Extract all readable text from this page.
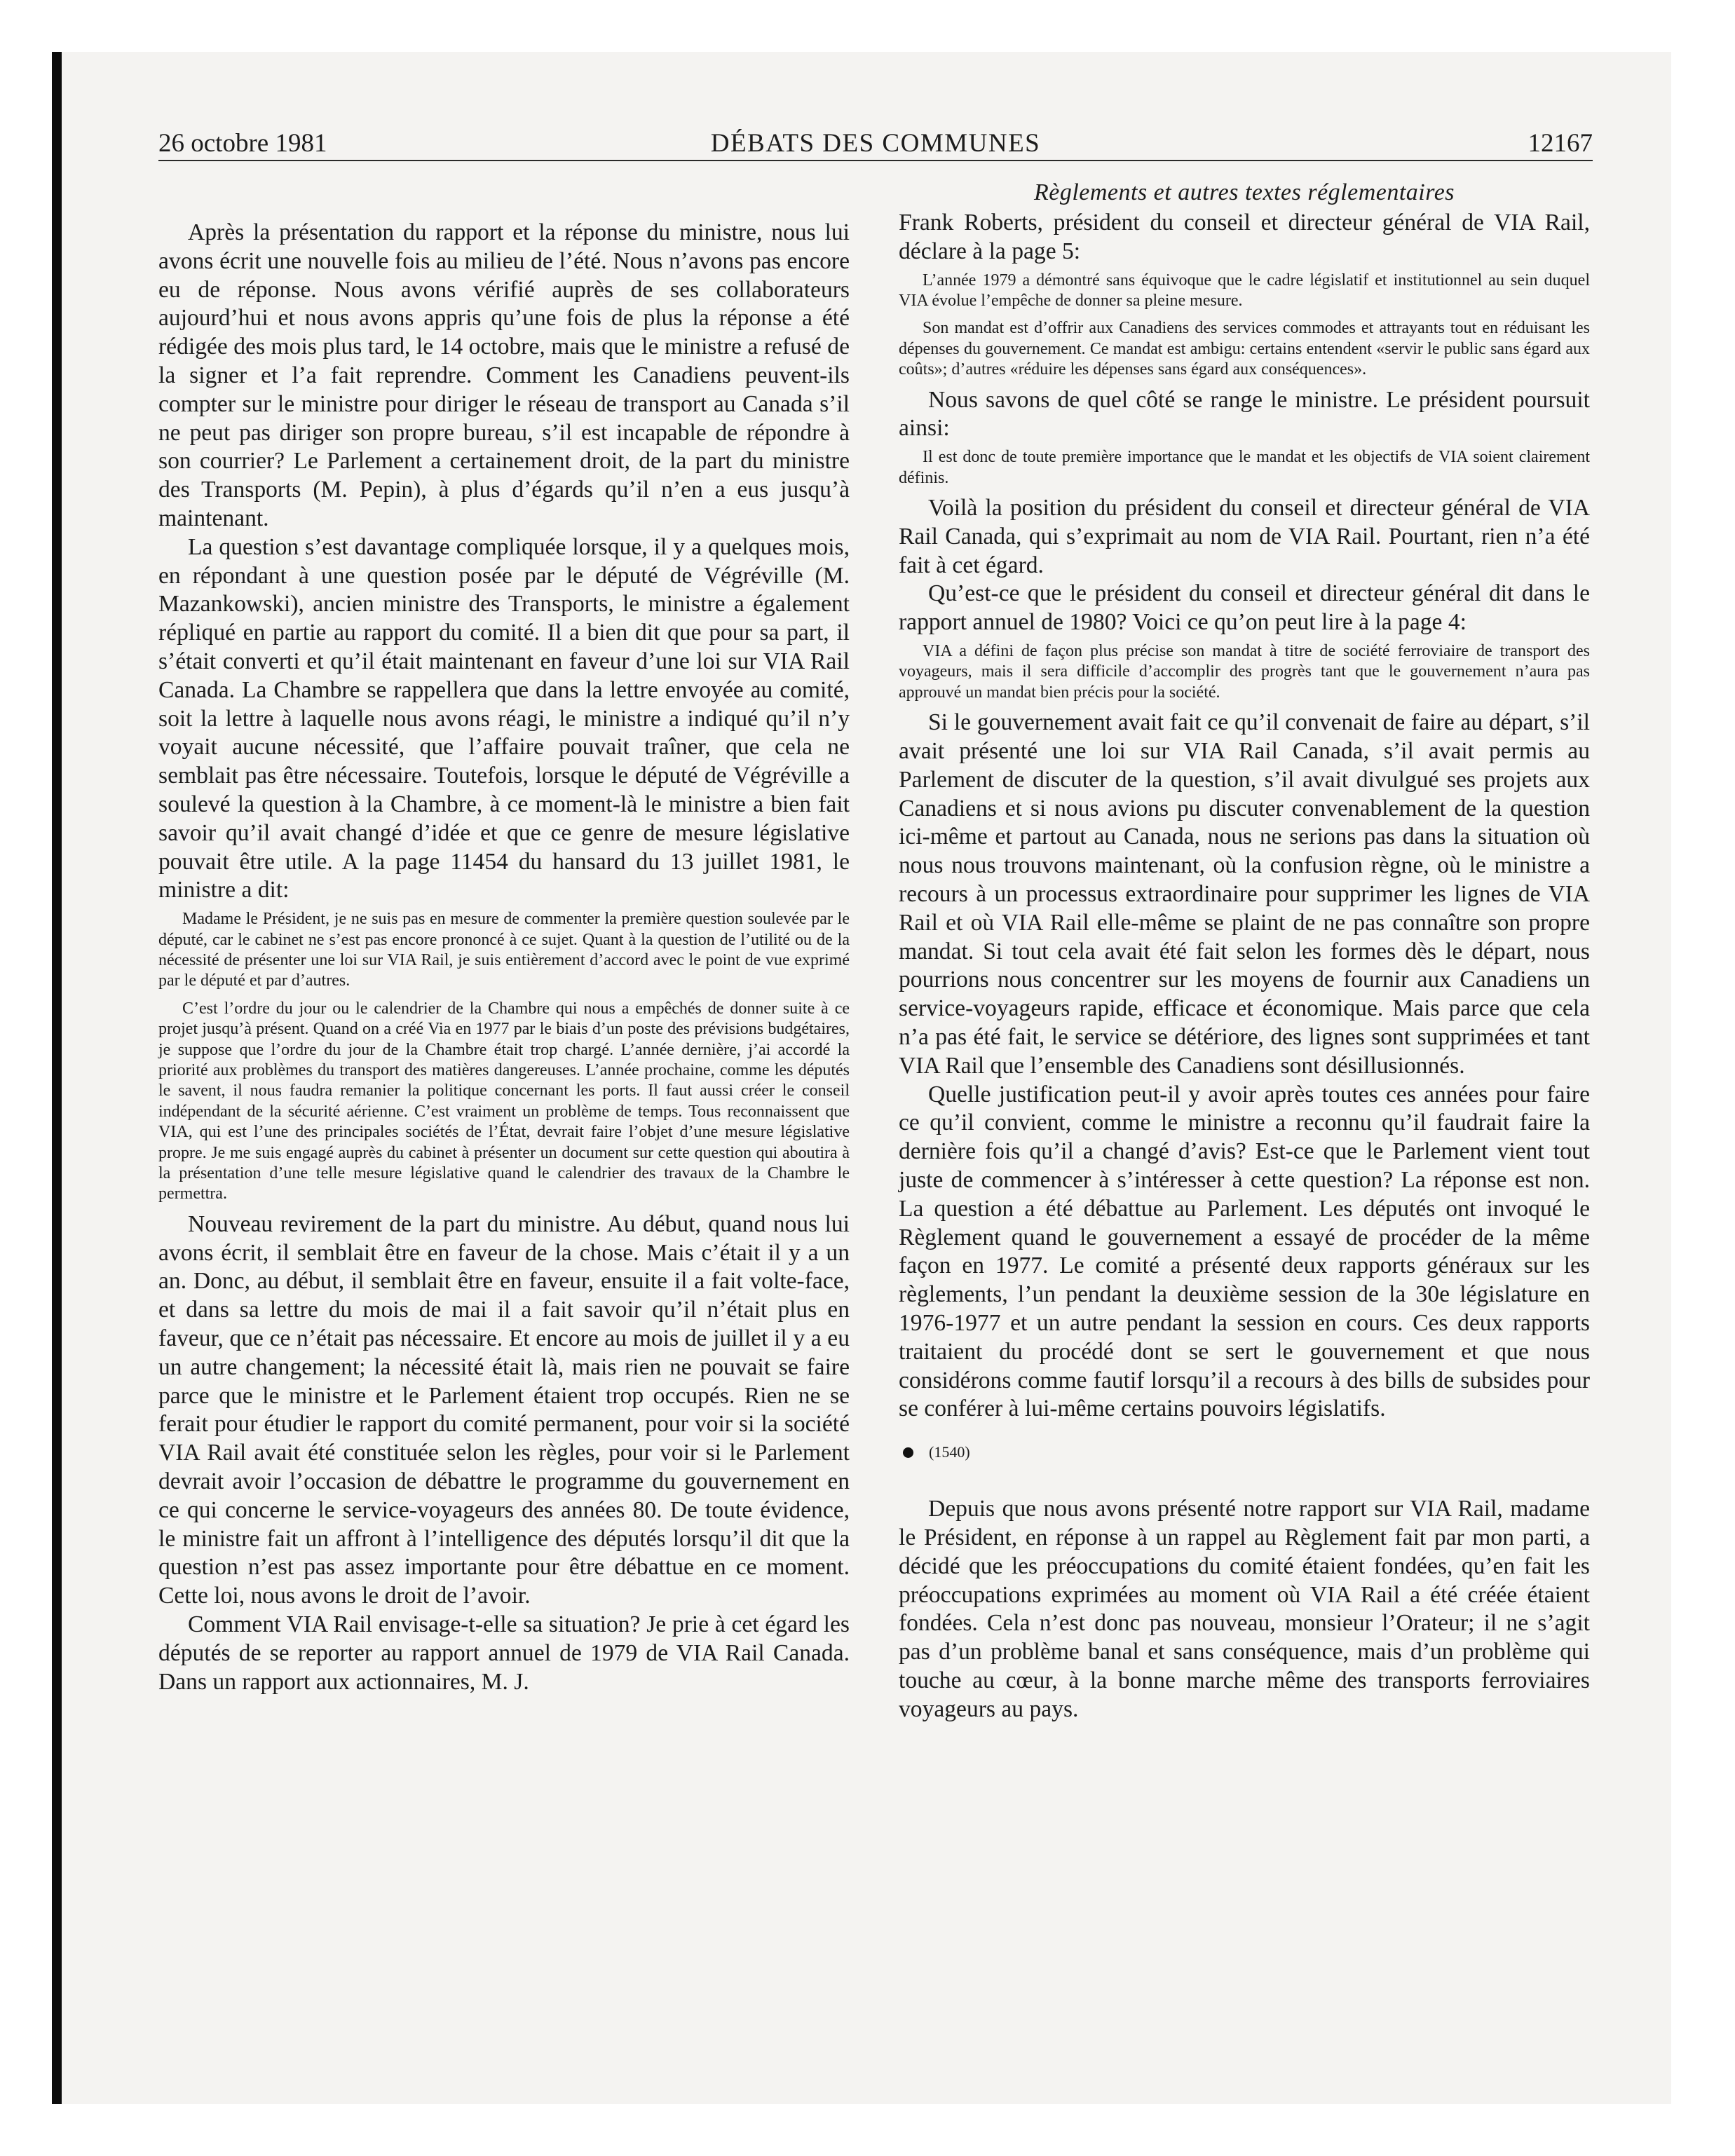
26 octobre 1981	DÉBATS DES COMMUNES	12167

Après la présentation du rapport et la réponse du ministre, nous lui avons écrit une nouvelle fois au milieu de l’été. Nous n’avons pas encore eu de réponse. Nous avons vérifié auprès de ses collaborateurs aujourd’hui et nous avons appris qu’une fois de plus la réponse a été rédigée des mois plus tard, le 14 octobre, mais que le ministre a refusé de la signer et l’a fait reprendre. Comment les Canadiens peuvent-ils compter sur le ministre pour diriger le réseau de transport au Canada s’il ne peut pas diriger son propre bureau, s’il est incapable de répondre à son courrier? Le Parlement a certainement droit, de la part du ministre des Transports (M. Pepin), à plus d’égards qu’il n’en a eus jusqu’à maintenant.

La question s’est davantage compliquée lorsque, il y a quelques mois, en répondant à une question posée par le député de Végréville (M. Mazankowski), ancien ministre des Transports, le ministre a également répliqué en partie au rapport du comité. Il a bien dit que pour sa part, il s’était converti et qu’il était maintenant en faveur d’une loi sur VIA Rail Canada. La Chambre se rappellera que dans la lettre envoyée au comité, soit la lettre à laquelle nous avons réagi, le ministre a indiqué qu’il n’y voyait aucune nécessité, que l’affaire pouvait traîner, que cela ne semblait pas être nécessaire. Toutefois, lorsque le député de Végréville a soulevé la question à la Chambre, à ce moment-là le ministre a bien fait savoir qu’il avait changé d’idée et que ce genre de mesure législative pouvait être utile. A la page 11454 du hansard du 13 juillet 1981, le ministre a dit:

Madame le Président, je ne suis pas en mesure de commenter la première question soulevée par le député, car le cabinet ne s’est pas encore prononcé à ce sujet. Quant à la question de l’utilité ou de la nécessité de présenter une loi sur VIA Rail, je suis entièrement d’accord avec le point de vue exprimé par le député et par d’autres.

C’est l’ordre du jour ou le calendrier de la Chambre qui nous a empêchés de donner suite à ce projet jusqu’à présent. Quand on a créé Via en 1977 par le biais d’un poste des prévisions budgétaires, je suppose que l’ordre du jour de la Chambre était trop chargé. L’année dernière, j’ai accordé la priorité aux problèmes du transport des matières dangereuses. L’année prochaine, comme les députés le savent, il nous faudra remanier la politique concernant les ports. Il faut aussi créer le conseil indépendant de la sécurité aérienne. C’est vraiment un problème de temps. Tous reconnaissent que VIA, qui est l’une des principales sociétés de l’État, devrait faire l’objet d’une mesure législative propre. Je me suis engagé auprès du cabinet à présenter un document sur cette question qui aboutira à la présentation d’une telle mesure législative quand le calendrier des travaux de la Chambre le permettra.

Nouveau revirement de la part du ministre. Au début, quand nous lui avons écrit, il semblait être en faveur de la chose. Mais c’était il y a un an. Donc, au début, il semblait être en faveur, ensuite il a fait volte-face, et dans sa lettre du mois de mai il a fait savoir qu’il n’était plus en faveur, que ce n’était pas nécessaire. Et encore au mois de juillet il y a eu un autre changement; la nécessité était là, mais rien ne pouvait se faire parce que le ministre et le Parlement étaient trop occupés. Rien ne se ferait pour étudier le rapport du comité permanent, pour voir si la société VIA Rail avait été constituée selon les règles, pour voir si le Parlement devrait avoir l’occasion de débattre le programme du gouvernement en ce qui concerne le service-voyageurs des années 80. De toute évidence, le ministre fait un affront à l’intelligence des députés lorsqu’il dit que la question n’est pas assez importante pour être débattue en ce moment. Cette loi, nous avons le droit de l’avoir.

Comment VIA Rail envisage-t-elle sa situation? Je prie à cet égard les députés de se reporter au rapport annuel de 1979 de VIA Rail Canada. Dans un rapport aux actionnaires, M. J.

Règlements et autres textes réglementaires

Frank Roberts, président du conseil et directeur général de VIA Rail, déclare à la page 5:

L’année 1979 a démontré sans équivoque que le cadre législatif et institutionnel au sein duquel VIA évolue l’empêche de donner sa pleine mesure.

Son mandat est d’offrir aux Canadiens des services commodes et attrayants tout en réduisant les dépenses du gouvernement. Ce mandat est ambigu: certains entendent «servir le public sans égard aux coûts»; d’autres «réduire les dépenses sans égard aux conséquences».

Nous savons de quel côté se range le ministre. Le président poursuit ainsi:

Il est donc de toute première importance que le mandat et les objectifs de VIA soient clairement définis.

Voilà la position du président du conseil et directeur général de VIA Rail Canada, qui s’exprimait au nom de VIA Rail. Pourtant, rien n’a été fait à cet égard.

Qu’est-ce que le président du conseil et directeur général dit dans le rapport annuel de 1980? Voici ce qu’on peut lire à la page 4:

VIA a défini de façon plus précise son mandat à titre de société ferroviaire de transport des voyageurs, mais il sera difficile d’accomplir des progrès tant que le gouvernement n’aura pas approuvé un mandat bien précis pour la société.

Si le gouvernement avait fait ce qu’il convenait de faire au départ, s’il avait présenté une loi sur VIA Rail Canada, s’il avait permis au Parlement de discuter de la question, s’il avait divulgué ses projets aux Canadiens et si nous avions pu discuter convenablement de la question ici-même et partout au Canada, nous ne serions pas dans la situation où nous nous trouvons maintenant, où la confusion règne, où le ministre a recours à un processus extraordinaire pour supprimer les lignes de VIA Rail et où VIA Rail elle-même se plaint de ne pas connaître son propre mandat. Si tout cela avait été fait selon les formes dès le départ, nous pourrions nous concentrer sur les moyens de fournir aux Canadiens un service-voyageurs rapide, efficace et économique. Mais parce que cela n’a pas été fait, le service se détériore, des lignes sont supprimées et tant VIA Rail que l’ensemble des Canadiens sont désillusionnés.

Quelle justification peut-il y avoir après toutes ces années pour faire ce qu’il convient, comme le ministre a reconnu qu’il faudrait faire la dernière fois qu’il a changé d’avis? Est-ce que le Parlement vient tout juste de commencer à s’intéresser à cette question? La réponse est non. La question a été débattue au Parlement. Les députés ont invoqué le Règlement quand le gouvernement a essayé de procéder de la même façon en 1977. Le comité a présenté deux rapports généraux sur les règlements, l’un pendant la deuxième session de la 30e législature en 1976-1977 et un autre pendant la session en cours. Ces deux rapports traitaient du procédé dont se sert le gouvernement et que nous considérons comme fautif lorsqu’il a recours à des bills de subsides pour se conférer à lui-même certains pouvoirs législatifs.

(1540)

Depuis que nous avons présenté notre rapport sur VIA Rail, madame le Président, en réponse à un rappel au Règlement fait par mon parti, a décidé que les préoccupations du comité étaient fondées, qu’en fait les préoccupations exprimées au moment où VIA Rail a été créée étaient fondées. Cela n’est donc pas nouveau, monsieur l’Orateur; il ne s’agit pas d’un problème banal et sans conséquence, mais d’un problème qui touche au cœur, à la bonne marche même des transports ferroviaires voyageurs au pays.
